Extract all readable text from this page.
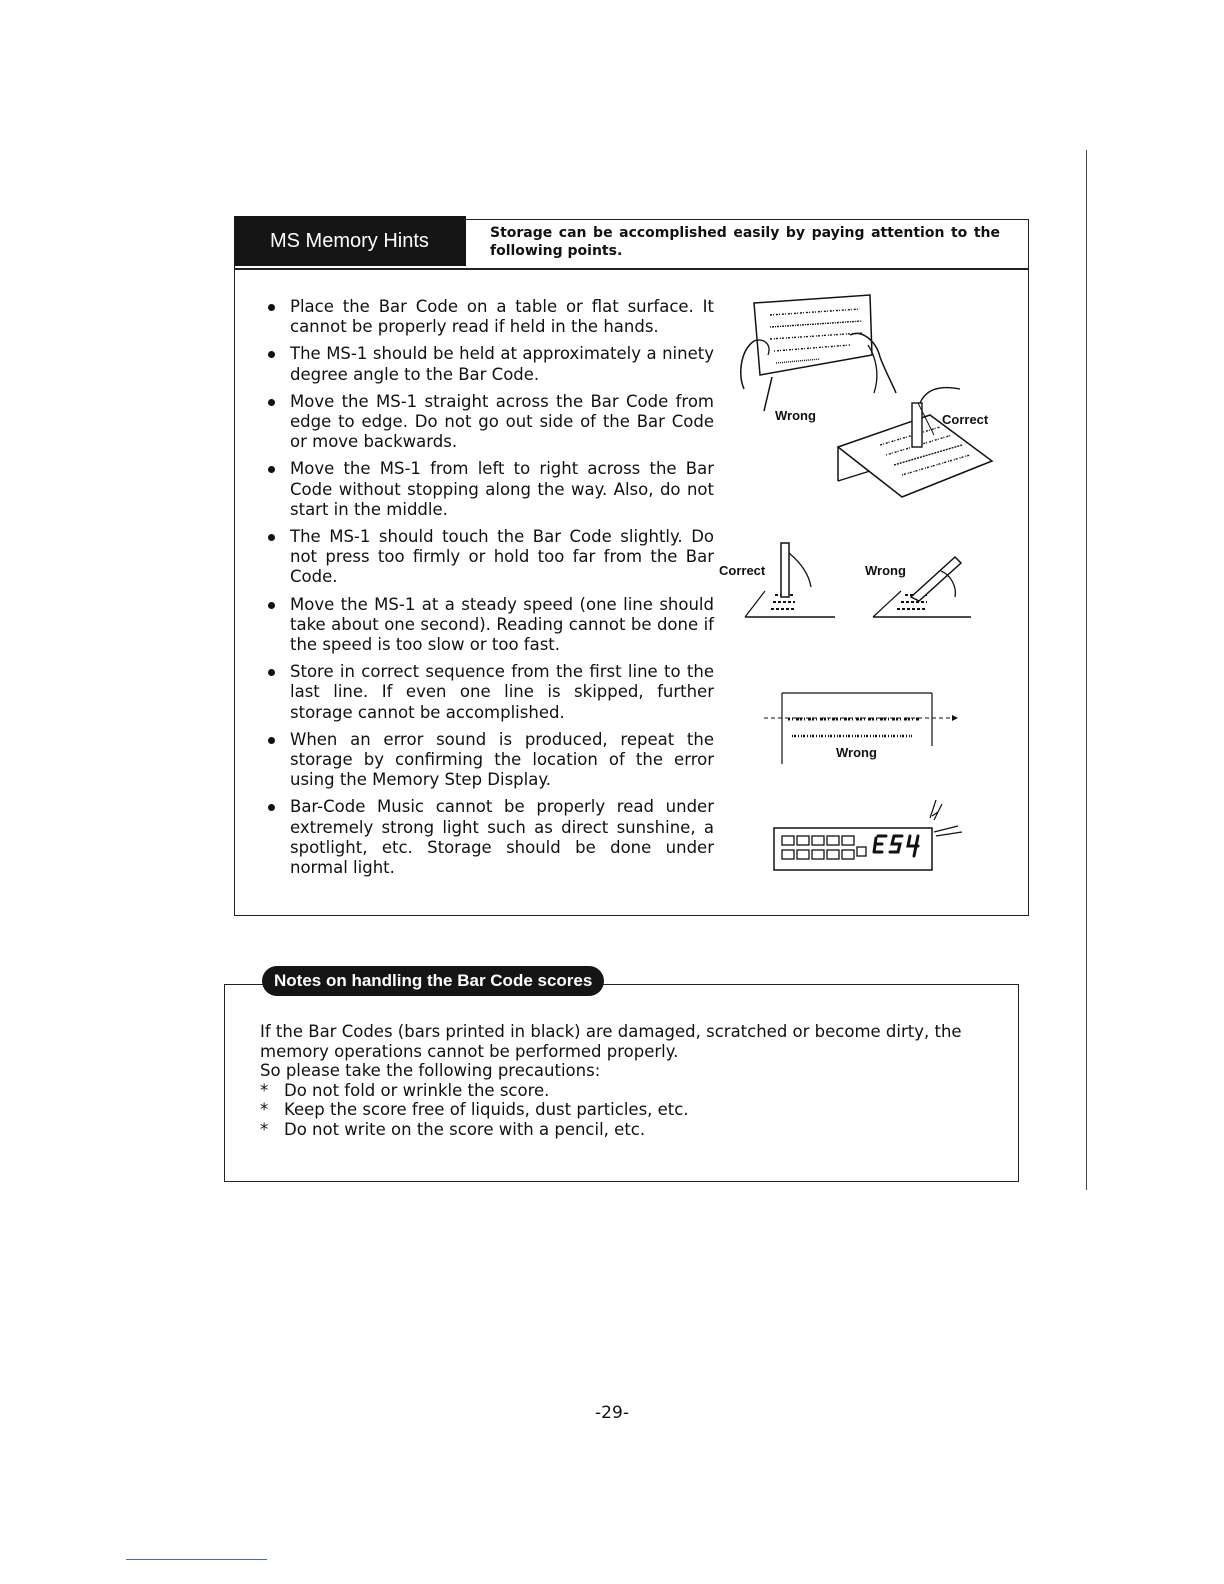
MS Memory Hints	Storage can be accomplished easily by paying attention to the following points.
Place the Bar Code on a table or flat surface. It cannot be properly read if held in the hands.
The MS-1 should be held at approximately a ninety degree angle to the Bar Code.
Move the MS-1 straight across the Bar Code from edge to edge. Do not go out side of the Bar Code or move backwards.
Move the MS-1 from left to right across the Bar Code without stopping along the way. Also, do not start in the middle.
The MS-1 should touch the Bar Code slightly. Do not press too firmly or hold too far from the Bar Code.
Move the MS-1 at a steady speed (one line should take about one second). Reading cannot be done if the speed is too slow or too fast.
Store in correct sequence from the first line to the last line. If even one line is skipped, further storage cannot be accomplished.
When an error sound is produced, repeat the storage by confirming the location of the error using the Memory Step Display.
Bar-Code Music cannot be properly read under extremely strong light such as direct sunshine, a spotlight, etc. Storage should be done under normal light.
Wrong	Correct
Correct	Wrong
Wrong
Notes on handling the Bar Code scores

If the Bar Codes (bars printed in black) are damaged, scratched or become dirty, the memory operations cannot be performed properly.

So please take the following precautions:

* Do not fold or wrinkle the score.
* Keep the score free of liquids, dust particles, etc.
* Do not write on the score with a pencil, etc.
-29-
